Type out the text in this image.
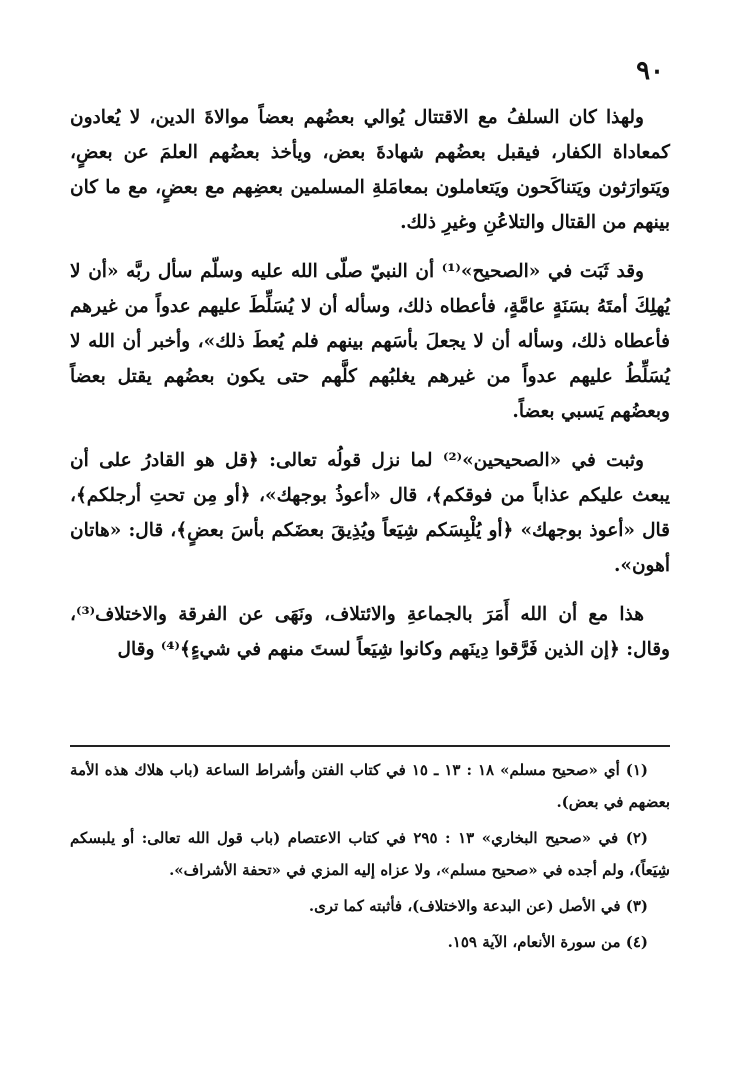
٩٠

ولهذا كان السلفُ مع الاقتتال يُوالي بعضُهم بعضاً موالاةَ الدين، لا يُعادون كمعاداة الكفار، فيقبل بعضُهم شهادةَ بعض، ويأخذ بعضُهم العلمَ عن بعضٍ، ويَتوارَثون ويَتناكَحون ويَتعاملون بمعامَلةِ المسلمين بعضِهم مع بعضٍ، مع ما كان بينهم من القتال والتلاعُنِ وغيرِ ذلك.

وقد ثَبَت في «الصحيح»⁽¹⁾ أن النبيّ صلّى الله عليه وسلّم سأل ربَّه «أن لا يُهلِكَ أمتَهُ بسَنَةٍ عامَّةٍ، فأعطاه ذلك، وسأله أن لا يُسَلِّطَ عليهم عدواً من غيرهم فأعطاه ذلك، وسأله أن لا يجعلَ بأسَهم بينهم فلم يُعطَ ذلك»، وأخبر أن الله لا يُسَلِّطُ عليهم عدواً من غيرهم يغلبُهم كلَّهم حتى يكون بعضُهم يقتل بعضاً وبعضُهم يَسبي بعضاً.

وثبت في «الصحيحين»⁽²⁾ لما نزل قولُه تعالى: ﴿قل هو القادرُ على أن يبعث عليكم عذاباً من فوقكم﴾، قال «أعوذُ بوجهك»، ﴿أو مِن تحتِ أرجلكم﴾، قال «أعوذ بوجهك» ﴿أو يُلْبِسَكم شِيَعاً ويُذِيقَ بعضَكم بأسَ بعضٍ﴾، قال: «هاتان أهون».

هذا مع أن الله أَمَرَ بالجماعةِ والائتلاف، ونَهَى عن الفرقة والاختلاف⁽³⁾، وقال: ﴿إن الذين فَرَّقوا دِينَهم وكانوا شِيَعاً لستَ منهم في شيءٍ﴾⁽⁴⁾ وقال

(١) أي «صحيح مسلم» ١٨ : ١٣ ـ ١٥ في كتاب الفتن وأشراط الساعة (باب هلاك هذه الأمة بعضهم في بعض).

(٢) في «صحيح البخاري» ١٣ : ٢٩٥ في كتاب الاعتصام (باب قول الله تعالى: أو يلبسكم شِيَعاً)، ولم أجده في «صحيح مسلم»، ولا عزاه إليه المزي في «تحفة الأشراف».

(٣) في الأصل (عن البدعة والاختلاف)، فأثبته كما ترى.

(٤) من سورة الأنعام، الآية ١٥٩.
